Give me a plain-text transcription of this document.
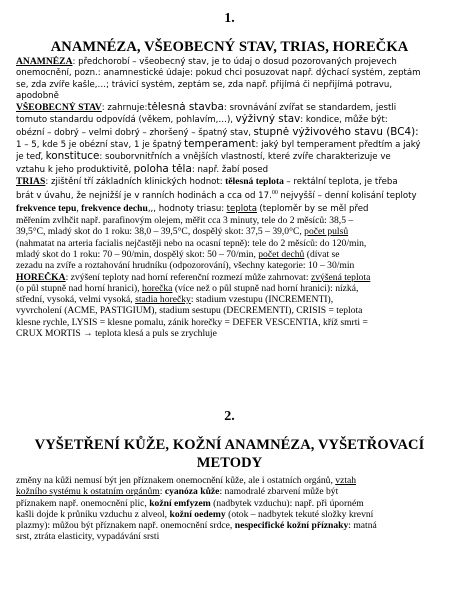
1.
ANAMNÉZA, VŠEOBECNÝ STAV, TRIAS, HOREČKA
ANAMNÉZA: předchorobí – všeobecný stav, je to údaj o dosud pozorovaných projevech
onemocnění, pozn.: anamnestické údaje: pokud chci posuzovat např. dýchací systém, zeptám
se, zda zvíře kašle,…; trávicí systém, zeptám se, zda např. přijímá či nepřijímá potravu,
apodobně
VŠEOBECNÝ STAV: zahrnuje:tělesná stavba: srovnávání zvířat se standardem, jestli
tomuto standardu odpovídá (věkem, pohlavím,…), výživný stav: kondice, může být:
obézní – dobrý – velmi dobrý – zhoršený – špatný stav, stupně výživového stavu (BC4):
1 – 5, kde 5 je obézní stav, 1 je špatný temperament: jaký byl temperament předtím a jaký
je teď, konstituce: souborvnitřních a vnějších vlastností, které zvíře charakterizuje ve
vztahu k jeho produktivitě, poloha těla: např. žabí posed
TRIAS: zjištění tří základních klinických hodnot: tělesná teplota – rektální teplota, je třeba
brát v úvahu, že nejnižší je v ranních hodinách a cca od 17.00 nejvyšší – denní kolisání teploty
frekvence tepu, frekvence dechu,,, hodnoty triasu: teplota (teploměr by se měl před
měřením zvlhčit např. parafinovým olejem, měřit cca 3 minuty, tele do 2 měsíců: 38,5 –
39,5°C, mladý skot do 1 roku: 38,0 – 39,5°C, dospělý skot: 37,5 – 39,0°C, počet pulsů
(nahmatat na arteria facialis nejčastěji nebo na ocasní tepně): tele do 2 měsíců: do 120/min,
mladý skot do 1 roku: 70 – 90/min, dospělý skot: 50 – 70/min, počet dechů (dívat se
zezadu na zvíře a roztahování hrudníku (odpozorování), všechny kategorie: 10 – 30/min
HOREČKA: zvýšení teploty nad horní referenční rozmezí může zahrnovat: zvýšená teplota
(o půl stupně nad horní hranici), horečka (více než o půl stupně nad horní hranici): nízká,
střední, vysoká, velmi vysoká, stadia horečky: stadium vzestupu (INCREMENTI),
vyvrcholení (ACME, PASTIGIUM), stadium sestupu (DECREMENTI), CRISIS = teplota
klesne rychle, LYSIS = klesne pomalu, zánik horečky = DEFER VESCENTIA, kříž smrti =
CRUX MORTIS → teplota klesá a puls se zrychluje
2.
VYŠETŘENÍ KŮŽE, KOŽNÍ ANAMNÉZA, VYŠETŘOVACÍ
METODY
změny na kůži nemusí být jen příznakem onemocnění kůže, ale i ostatních orgánů, vztah
kožního systému k ostatním orgánům: cyanóza kůže: namodralé zbarvení může být
příznakem např. onemocnění plic, kožní emfyzem (nadbytek vzduchu): např. při úporném
kašli dojde k průniku vzduchu z alveol, kožní oedemy (otok – nadbytek tekuté složky krevní
plazmy): můžou být příznakem např. onemocnění srdce, nespecifické kožní příznaky: matná
srst, ztráta elasticity, vypadávání srsti
